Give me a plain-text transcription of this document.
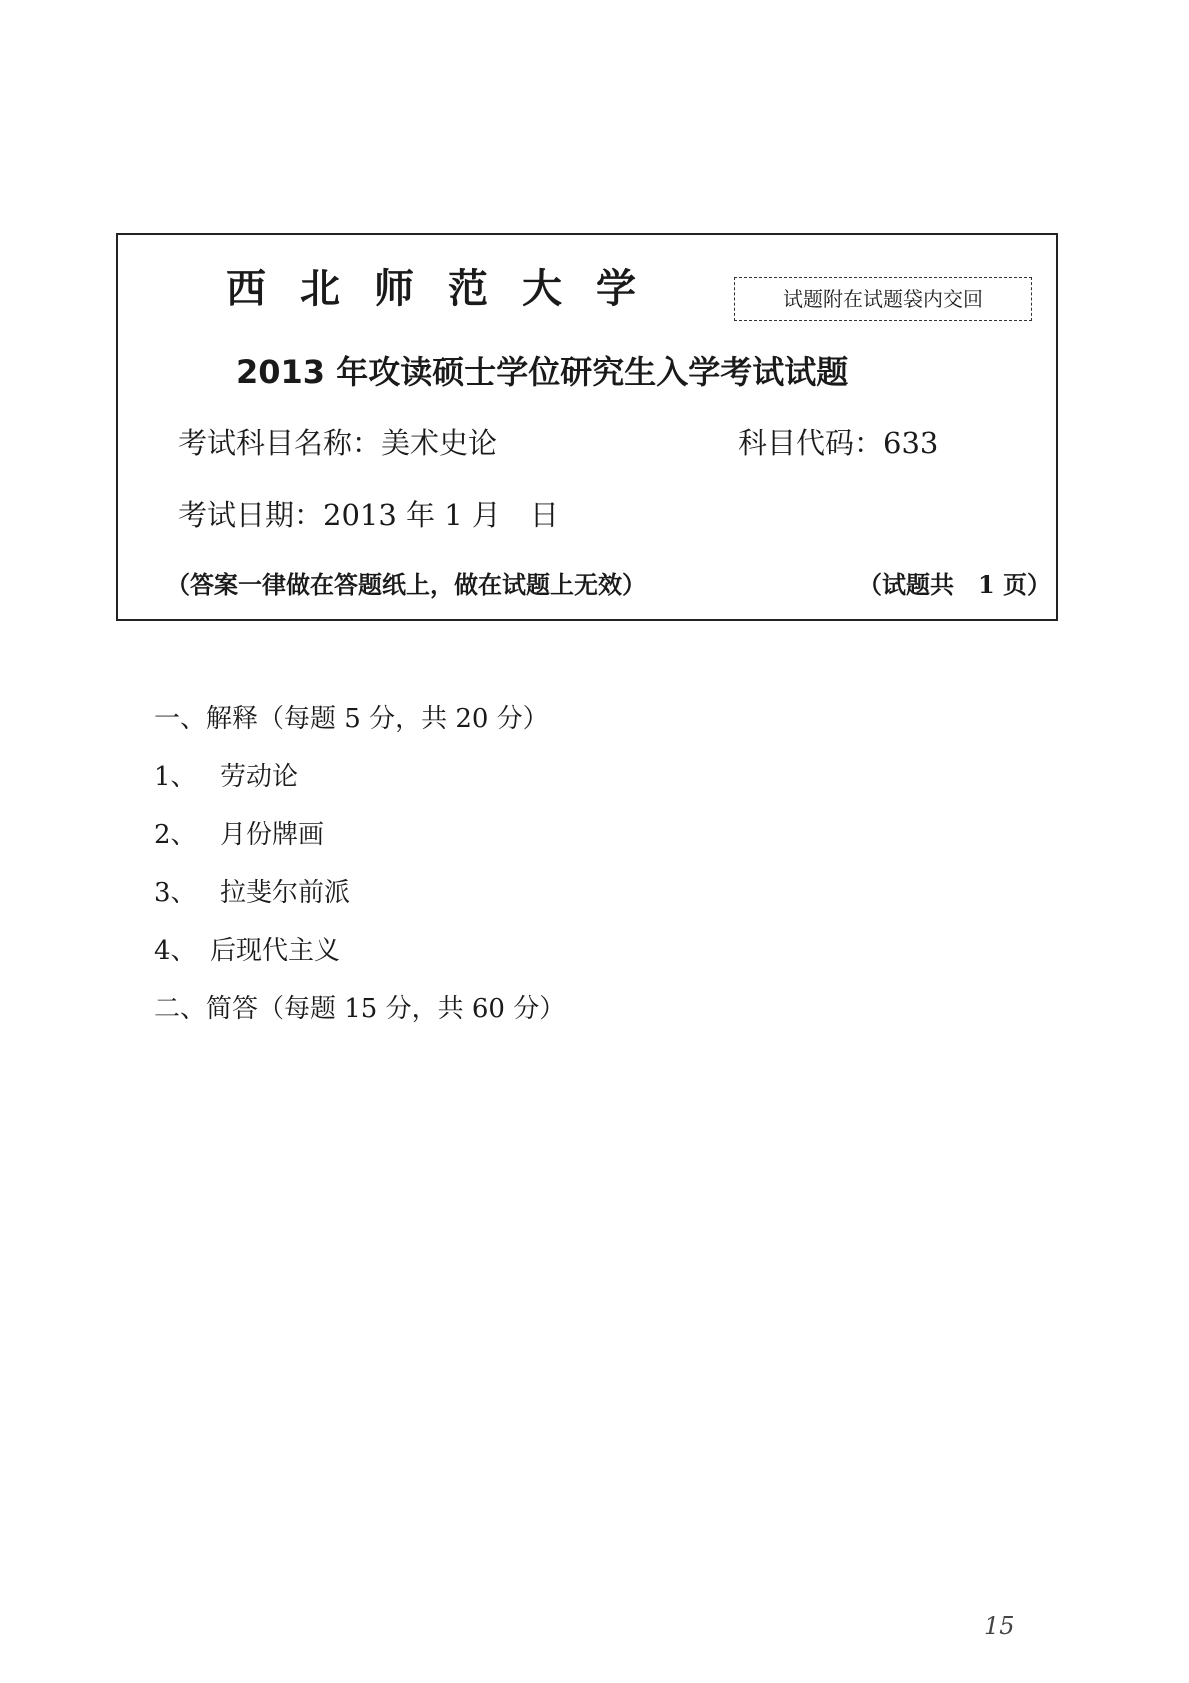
西北师范大学	试题附在试题袋内交回
2013 年攻读硕士学位研究生入学考试试题
考试科目名称：美术史论	科目代码：633
考试日期：2013 年 1 月　日
（答案一律做在答题纸上，做在试题上无效）	（试题共　1 页）
一、解释（每题 5 分，共 20 分）
1、 劳动论
2、 月份牌画
3、 拉斐尔前派
4、 后现代主义
二、简答（每题 15 分，共 60 分）
15
